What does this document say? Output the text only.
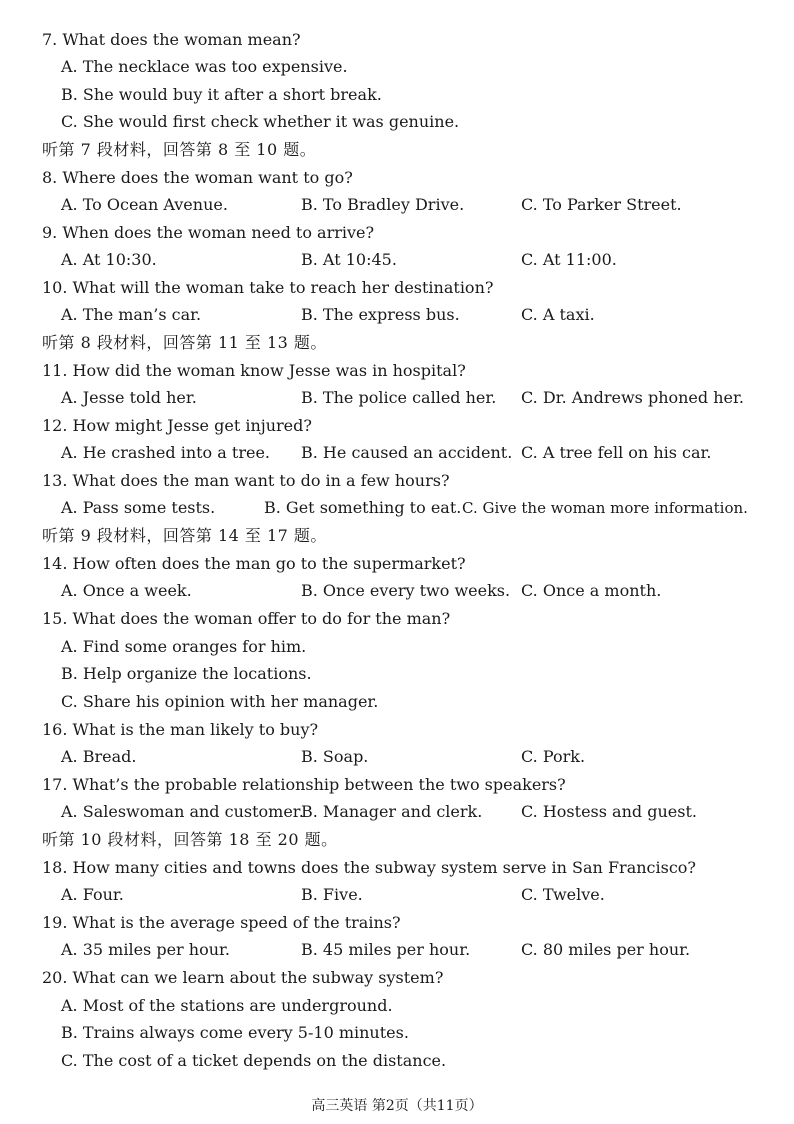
7. What does the woman mean?
A. The necklace was too expensive.
B. She would buy it after a short break.
C. She would first check whether it was genuine.
听第 7 段材料，回答第 8 至 10 题。
8. Where does the woman want to go?
A. To Ocean Avenue.	B. To Bradley Drive.	C. To Parker Street.
9. When does the woman need to arrive?
A. At 10:30.	B. At 10:45.	C. At 11:00.
10. What will the woman take to reach her destination?
A. The man’s car.	B. The express bus.	C. A taxi.
听第 8 段材料，回答第 11 至 13 题。
11. How did the woman know Jesse was in hospital?
A. Jesse told her.	B. The police called her. C. Dr. Andrews phoned her.
12. How might Jesse get injured?
A. He crashed into a tree. B. He caused an accident. C. A tree fell on his car.
13. What does the man want to do in a few hours?
A. Pass some tests.	B. Get something to eat. C. Give the woman more information.
听第 9 段材料，回答第 14 至 17 题。
14. How often does the man go to the supermarket?
A. Once a week.	B. Once every two weeks. C. Once a month.
15. What does the woman offer to do for the man?
A. Find some oranges for him.
B. Help organize the locations.
C. Share his opinion with her manager.
16. What is the man likely to buy?
A. Bread.	B. Soap.	C. Pork.
17. What’s the probable relationship between the two speakers?
A. Saleswoman and customer.
B. Manager and clerk. C. Hostess and guest.
听第 10 段材料，回答第 18 至 20 题。
18. How many cities and towns does the subway system serve in San Francisco?
A. Four.	B. Five.	C. Twelve.
19. What is the average speed of the trains?
A. 35 miles per hour.	B. 45 miles per hour.	C. 80 miles per hour.
20. What can we learn about the subway system?
A. Most of the stations are underground.
B. Trains always come every 5-10 minutes.
C. The cost of a ticket depends on the distance.
高三英语 第2页（共11页）
